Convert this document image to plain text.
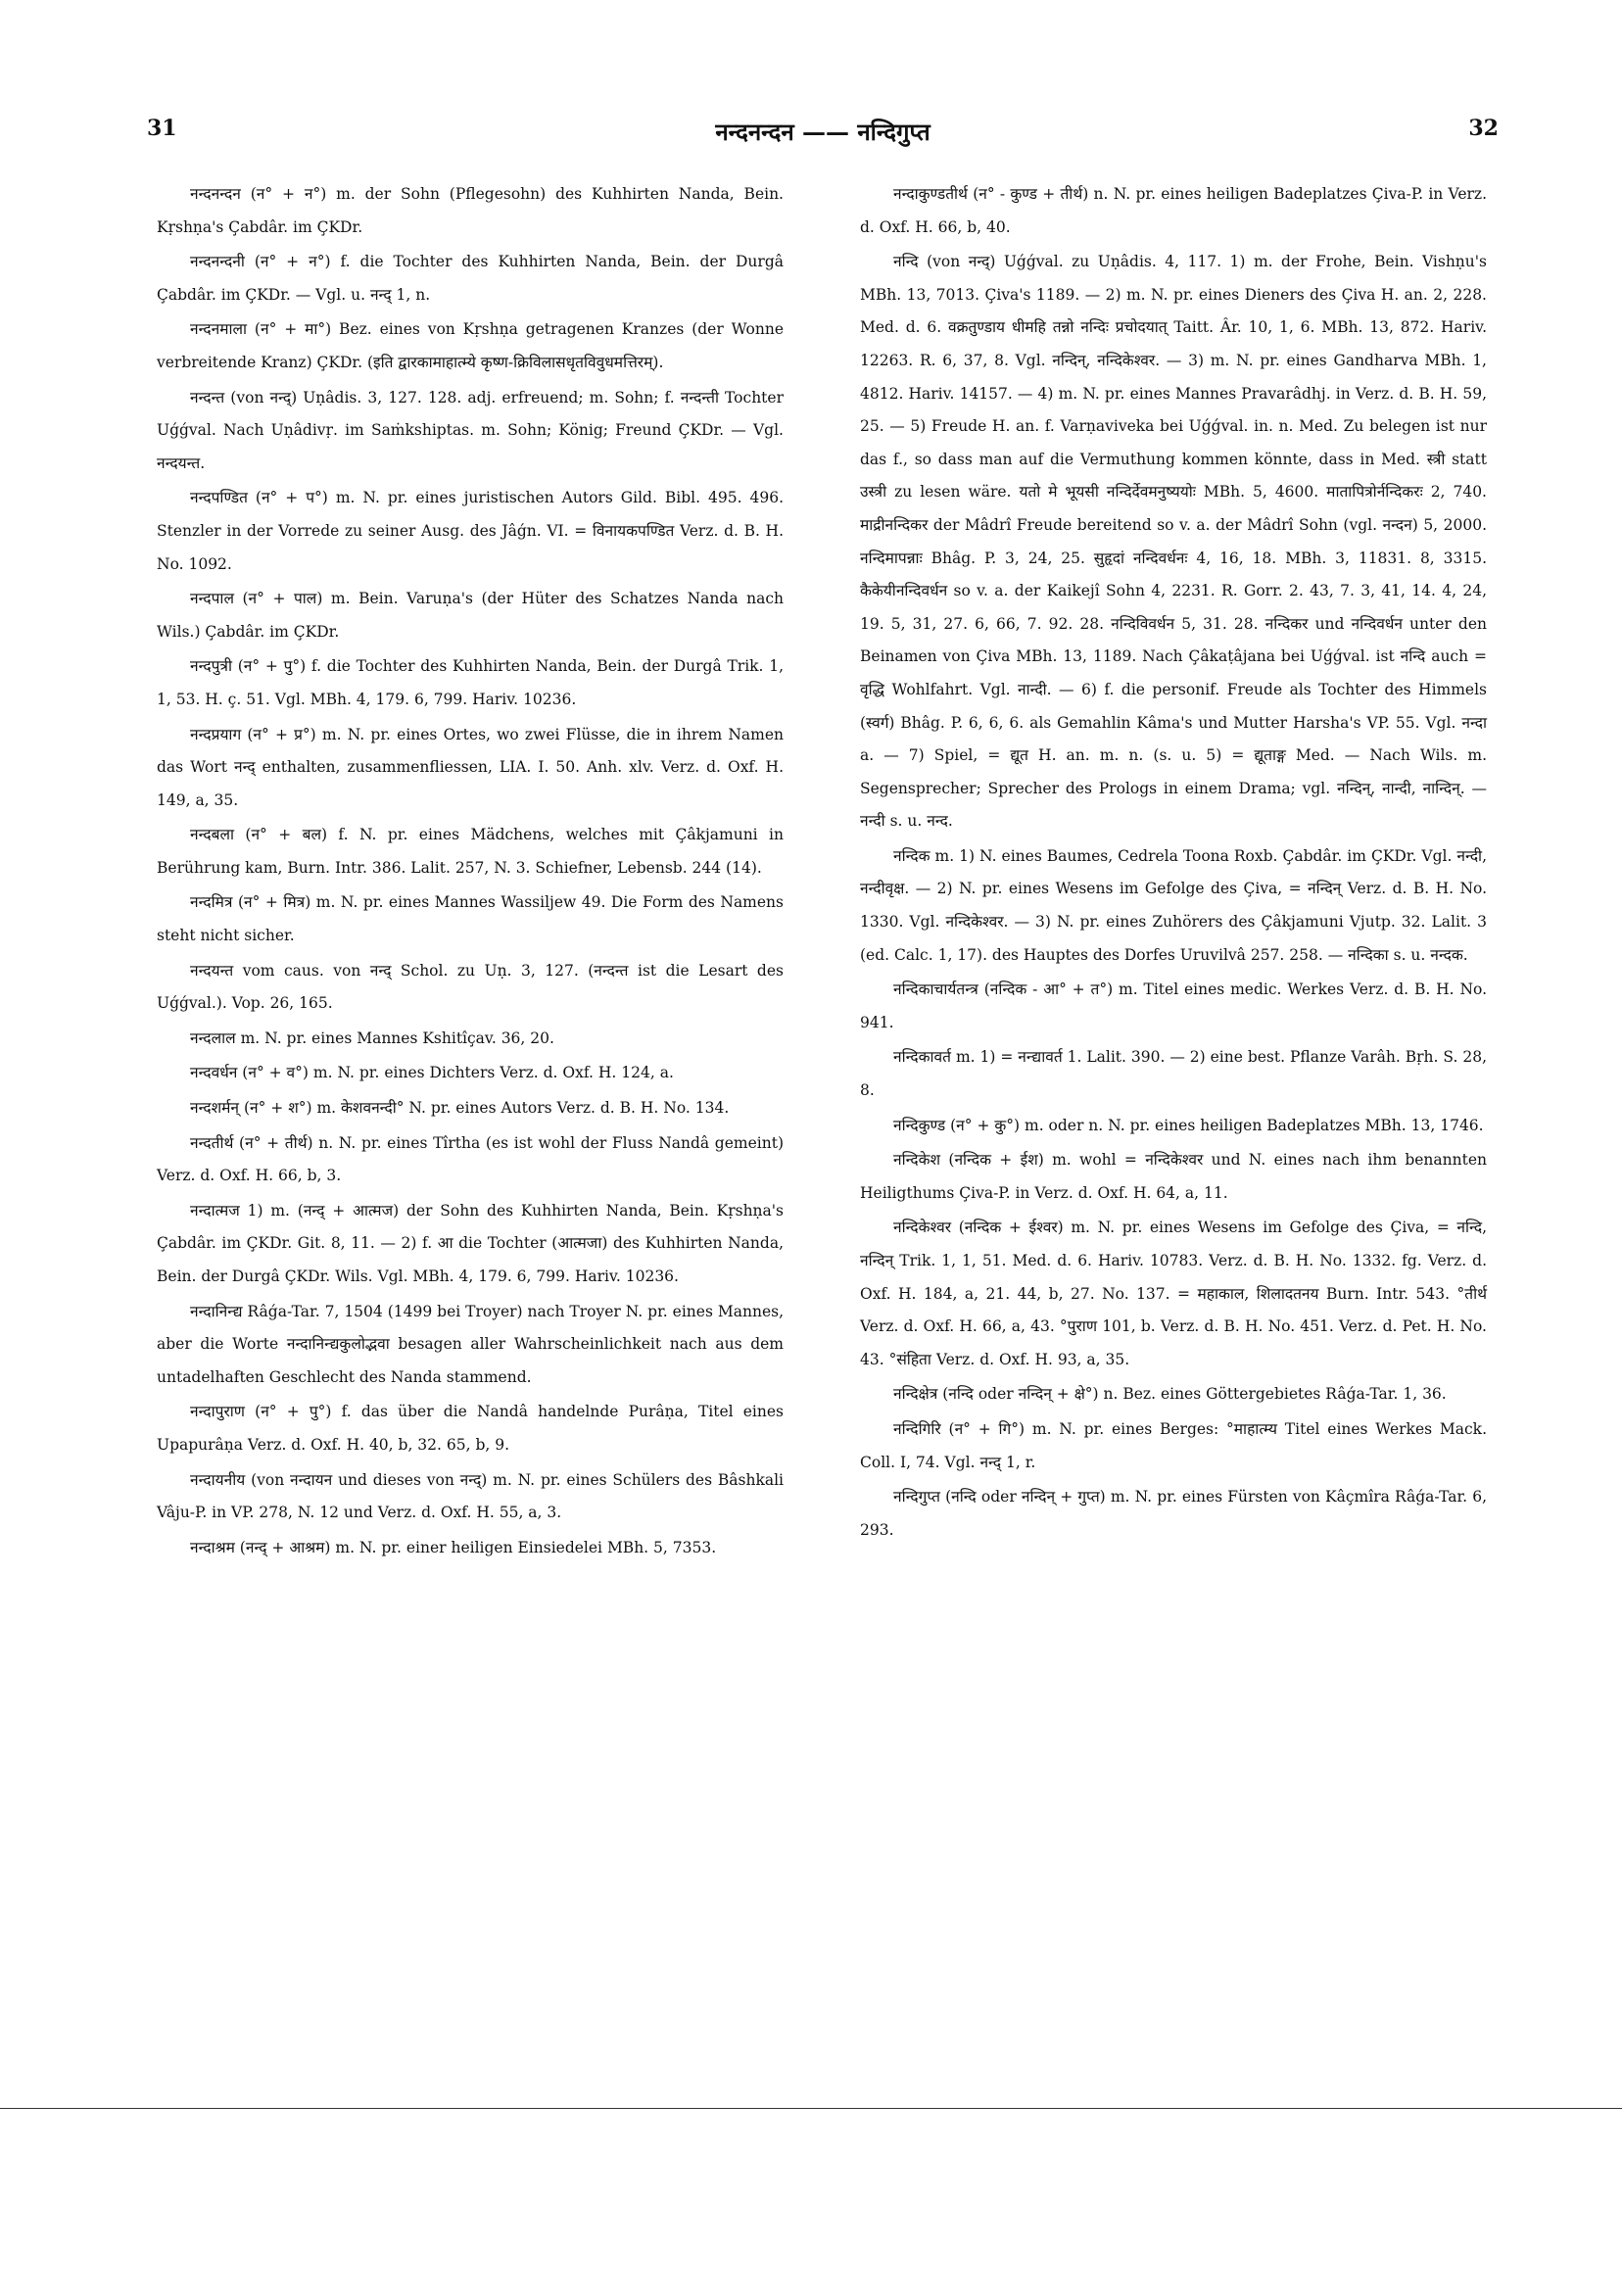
31	नन्दनन्दन —— नन्दिगुप्त	32

नन्दनन्दन (न° + न°) m. der Sohn (Pflegesohn) des Kuhhirten Nanda, Bein. Kṛshṇa's Çabdâr. im ÇKDr.

नन्दनन्दनी (न° + न°) f. die Tochter des Kuhhirten Nanda, Bein. der Durgâ Çabdâr. im ÇKDr. — Vgl. u. नन्द् 1, n.

नन्दनमाला (न° + मा°) Bez. eines von Kṛshṇa getragenen Kranzes (der Wonne verbreitende Kranz) ÇKDr. (इति द्वारकामाहात्म्ये कृष्ण-क्रिविलासधृतविवुधमत्तिरम्).

नन्दन्त (von नन्द्) Uṇâdis. 3, 127. 128. adj. erfreuend; m. Sohn; f. नन्दन्ती Tochter Uǵǵval. Nach Uṇâdivṛ. im Saṁkshiptas. m. Sohn; König; Freund ÇKDr. — Vgl. नन्दयन्त.

नन्दपण्डित (न° + प°) m. N. pr. eines juristischen Autors Gild. Bibl. 495. 496. Stenzler in der Vorrede zu seiner Ausg. des Jâǵn. VI. = विनायकपण्डित Verz. d. B. H. No. 1092.

नन्दपाल (न° + पाल) m. Bein. Varuṇa's (der Hüter des Schatzes Nanda nach Wils.) Çabdâr. im ÇKDr.

नन्दपुत्री (न° + पु°) f. die Tochter des Kuhhirten Nanda, Bein. der Durgâ Trik. 1, 1, 53. H. ç. 51. Vgl. MBh. 4, 179. 6, 799. Hariv. 10236.

नन्दप्रयाग (न° + प्र°) m. N. pr. eines Ortes, wo zwei Flüsse, die in ihrem Namen das Wort नन्द् enthalten, zusammenfliessen, LIA. I. 50. Anh. xlv. Verz. d. Oxf. H. 149, a, 35.

नन्दबला (न° + बल) f. N. pr. eines Mädchens, welches mit Çâkjamuni in Berührung kam, Burn. Intr. 386. Lalit. 257, N. 3. Schiefner, Lebensb. 244 (14).

नन्दमित्र (न° + मित्र) m. N. pr. eines Mannes Wassiljew 49. Die Form des Namens steht nicht sicher.

नन्दयन्त vom caus. von नन्द् Schol. zu Uṇ. 3, 127. (नन्दन्त ist die Lesart des Uǵǵval.). Vop. 26, 165.

नन्दलाल m. N. pr. eines Mannes Kshitîçav. 36, 20.

नन्दवर्धन (न° + व°) m. N. pr. eines Dichters Verz. d. Oxf. H. 124, a.

नन्दशर्मन् (न° + श°) m. केशवनन्दी° N. pr. eines Autors Verz. d. B. H. No. 134.

नन्दतीर्थ (न° + तीर्थ) n. N. pr. eines Tîrtha (es ist wohl der Fluss Nandâ gemeint) Verz. d. Oxf. H. 66, b, 3.

नन्दात्मज 1) m. (नन्द् + आत्मज) der Sohn des Kuhhirten Nanda, Bein. Kṛshṇa's Çabdâr. im ÇKDr. Git. 8, 11. — 2) f. आ die Tochter (आत्मजा) des Kuhhirten Nanda, Bein. der Durgâ ÇKDr. Wils. Vgl. MBh. 4, 179. 6, 799. Hariv. 10236.

नन्दानिन्द्य Râǵa-Tar. 7, 1504 (1499 bei Troyer) nach Troyer N. pr. eines Mannes, aber die Worte नन्दानिन्द्यकुलोद्भवा besagen aller Wahrscheinlichkeit nach aus dem untadelhaften Geschlecht des Nanda stammend.

नन्दापुराण (न° + पु°) f. das über die Nandâ handelnde Purâṇa, Titel eines Upapurâṇa Verz. d. Oxf. H. 40, b, 32. 65, b, 9.

नन्दायनीय (von नन्दायन und dieses von नन्द्) m. N. pr. eines Schülers des Bâshkali Vâju-P. in VP. 278, N. 12 und Verz. d. Oxf. H. 55, a, 3.

नन्दाश्रम (नन्द् + आश्रम) m. N. pr. einer heiligen Einsiedelei MBh. 5, 7353.

नन्दाकुण्डतीर्थ (न° - कुण्ड + तीर्थ) n. N. pr. eines heiligen Badeplatzes Çiva-P. in Verz. d. Oxf. H. 66, b, 40.

नन्दि (von नन्द्) Uǵǵval. zu Uṇâdis. 4, 117. 1) m. der Frohe, Bein. Vishṇu's MBh. 13, 7013. Çiva's 1189. — 2) m. N. pr. eines Dieners des Çiva H. an. 2, 228. Med. d. 6. वक्रतुण्डाय धीमहि तन्नो नन्दिः प्रचोदयात् Taitt. Âr. 10, 1, 6. MBh. 13, 872. Hariv. 12263. R. 6, 37, 8. Vgl. नन्दिन्, नन्दिकेश्वर. — 3) m. N. pr. eines Gandharva MBh. 1, 4812. Hariv. 14157. — 4) m. N. pr. eines Mannes Pravarâdhj. in Verz. d. B. H. 59, 25. — 5) Freude H. an. f. Varṇaviveka bei Uǵǵval. in. n. Med. Zu belegen ist nur das f., so dass man auf die Vermuthung kommen könnte, dass in Med. स्त्री statt उस्त्री zu lesen wäre. यतो मे भूयसी नन्दिर्देवमनुष्ययोः MBh. 5, 4600. मातापित्रोर्नन्दिकरः 2, 740. माद्रीनन्दिकर der Mâdrî Freude bereitend so v. a. der Mâdrî Sohn (vgl. नन्दन) 5, 2000. नन्दिमापन्नाः Bhâg. P. 3, 24, 25. सुहृदां नन्दिवर्धनः 4, 16, 18. MBh. 3, 11831. 8, 3315. कैकेयीनन्दिवर्धन so v. a. der Kaikejî Sohn 4, 2231. R. Gorr. 2. 43, 7. 3, 41, 14. 4, 24, 19. 5, 31, 27. 6, 66, 7. 92. 28. नन्दिविवर्धन 5, 31. 28. नन्दिकर und नन्दिवर्धन unter den Beinamen von Çiva MBh. 13, 1189. Nach Çâkaṭâjana bei Uǵǵval. ist नन्दि auch = वृद्धि Wohlfahrt. Vgl. नान्दी. — 6) f. die personif. Freude als Tochter des Himmels (स्वर्ग) Bhâg. P. 6, 6, 6. als Gemahlin Kâma's und Mutter Harsha's VP. 55. Vgl. नन्दा a. — 7) Spiel, = द्यूत H. an. m. n. (s. u. 5) = द्यूताङ्ग Med. — Nach Wils. m. Segensprecher; Sprecher des Prologs in einem Drama; vgl. नन्दिन्, नान्दी, नान्दिन्. — नन्दी s. u. नन्द.

नन्दिक m. 1) N. eines Baumes, Cedrela Toona Roxb. Çabdâr. im ÇKDr. Vgl. नन्दी, नन्दीवृक्ष. — 2) N. pr. eines Wesens im Gefolge des Çiva, = नन्दिन् Verz. d. B. H. No. 1330. Vgl. नन्दिकेश्वर. — 3) N. pr. eines Zuhörers des Çâkjamuni Vjutp. 32. Lalit. 3 (ed. Calc. 1, 17). des Hauptes des Dorfes Uruvilvâ 257. 258. — नन्दिका s. u. नन्दक.

नन्दिकाचार्यतन्त्र (नन्दिक - आ° + त°) m. Titel eines medic. Werkes Verz. d. B. H. No. 941.

नन्दिकावर्त m. 1) = नन्द्यावर्त 1. Lalit. 390. — 2) eine best. Pflanze Varâh. Bṛh. S. 28, 8.

नन्दिकुण्ड (न° + कु°) m. oder n. N. pr. eines heiligen Badeplatzes MBh. 13, 1746.

नन्दिकेश (नन्दिक + ईश) m. wohl = नन्दिकेश्वर und N. eines nach ihm benannten Heiligthums Çiva-P. in Verz. d. Oxf. H. 64, a, 11.

नन्दिकेश्वर (नन्दिक + ईश्वर) m. N. pr. eines Wesens im Gefolge des Çiva, = नन्दि, नन्दिन् Trik. 1, 1, 51. Med. d. 6. Hariv. 10783. Verz. d. B. H. No. 1332. fg. Verz. d. Oxf. H. 184, a, 21. 44, b, 27. No. 137. = महाकाल, शिलादतनय Burn. Intr. 543. °तीर्थ Verz. d. Oxf. H. 66, a, 43. °पुराण 101, b. Verz. d. B. H. No. 451. Verz. d. Pet. H. No. 43. °संहिता Verz. d. Oxf. H. 93, a, 35.

नन्दिक्षेत्र (नन्दि oder नन्दिन् + क्षे°) n. Bez. eines Göttergebietes Râǵa-Tar. 1, 36.

नन्दिगिरि (न° + गि°) m. N. pr. eines Berges: °माहात्म्य Titel eines Werkes Mack. Coll. I, 74. Vgl. नन्द् 1, r.

नन्दिगुप्त (नन्दि oder नन्दिन् + गुप्त) m. N. pr. eines Fürsten von Kâçmîra Râǵa-Tar. 6, 293.
